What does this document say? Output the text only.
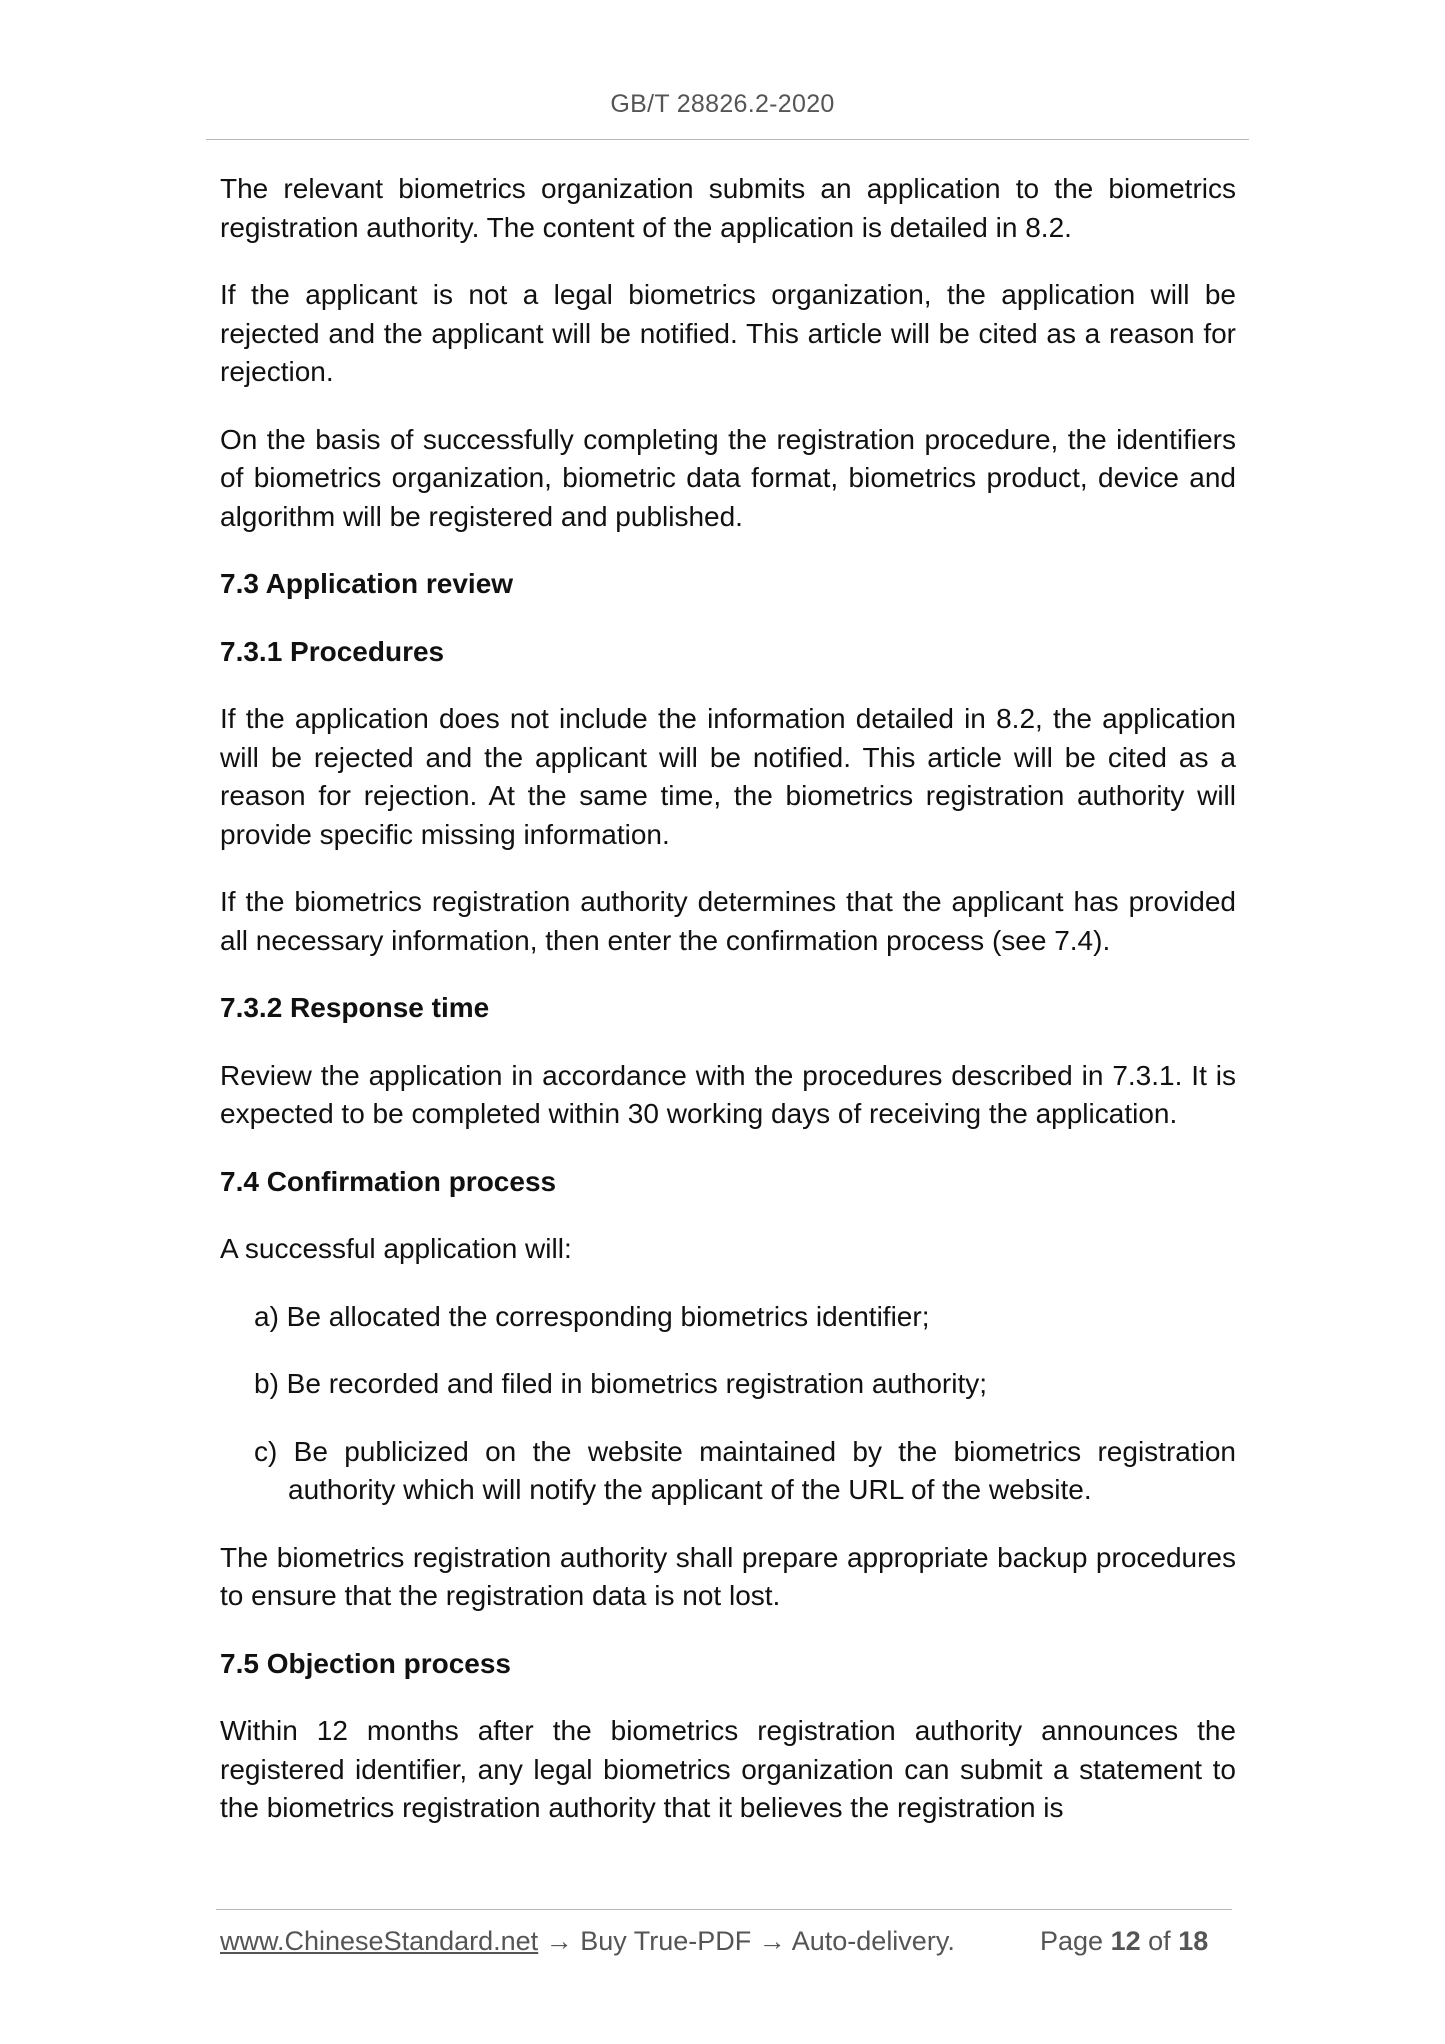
GB/T 28826.2-2020

The relevant biometrics organization submits an application to the biometrics registration authority. The content of the application is detailed in 8.2.

If the applicant is not a legal biometrics organization, the application will be rejected and the applicant will be notified. This article will be cited as a reason for rejection.

On the basis of successfully completing the registration procedure, the identifiers of biometrics organization, biometric data format, biometrics product, device and algorithm will be registered and published.

7.3 Application review
7.3.1 Procedures

If the application does not include the information detailed in 8.2, the application will be rejected and the applicant will be notified. This article will be cited as a reason for rejection. At the same time, the biometrics registration authority will provide specific missing information.

If the biometrics registration authority determines that the applicant has provided all necessary information, then enter the confirmation process (see 7.4).

7.3.2 Response time

Review the application in accordance with the procedures described in 7.3.1. It is expected to be completed within 30 working days of receiving the application.

7.4 Confirmation process

A successful application will:

a) Be allocated the corresponding biometrics identifier;
b) Be recorded and filed in biometrics registration authority;
c) Be publicized on the website maintained by the biometrics registration authority which will notify the applicant of the URL of the website.

The biometrics registration authority shall prepare appropriate backup procedures to ensure that the registration data is not lost.

7.5 Objection process

Within 12 months after the biometrics registration authority announces the registered identifier, any legal biometrics organization can submit a statement to the biometrics registration authority that it believes the registration is

www.ChineseStandard.net → Buy True-PDF → Auto-delivery.	Page 12 of 18
